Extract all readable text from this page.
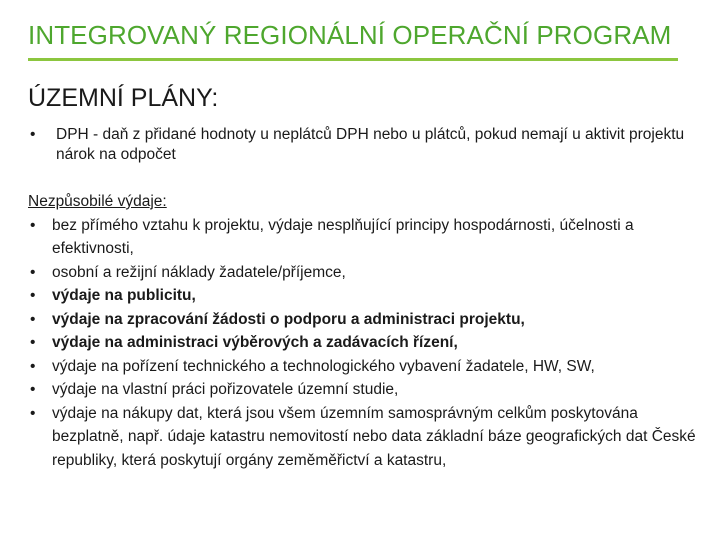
INTEGROVANÝ REGIONÁLNÍ OPERAČNÍ PROGRAM
ÚZEMNÍ PLÁNY:
• DPH - daň z přidané hodnoty u neplátců DPH nebo u plátců, pokud nemají u aktivit projektu nárok na odpočet
Nezpůsobilé výdaje:
• bez přímého vztahu k projektu, výdaje nesplňující principy hospodárnosti, účelnosti a efektivnosti,
• osobní a režijní náklady žadatele/příjemce,
• výdaje na publicitu,
• výdaje na zpracování žádosti o podporu a administraci projektu,
• výdaje na administraci výběrových a zadávacích řízení,
• výdaje na pořízení technického a technologického vybavení žadatele, HW, SW,
• výdaje na vlastní práci pořizovatele územní studie,
• výdaje na nákupy dat, která jsou všem územním samosprávným celkům poskytována bezplatně, např. údaje katastru nemovitostí nebo data základní báze geografických dat České republiky, která poskytují orgány zeměměřictví a katastru,
